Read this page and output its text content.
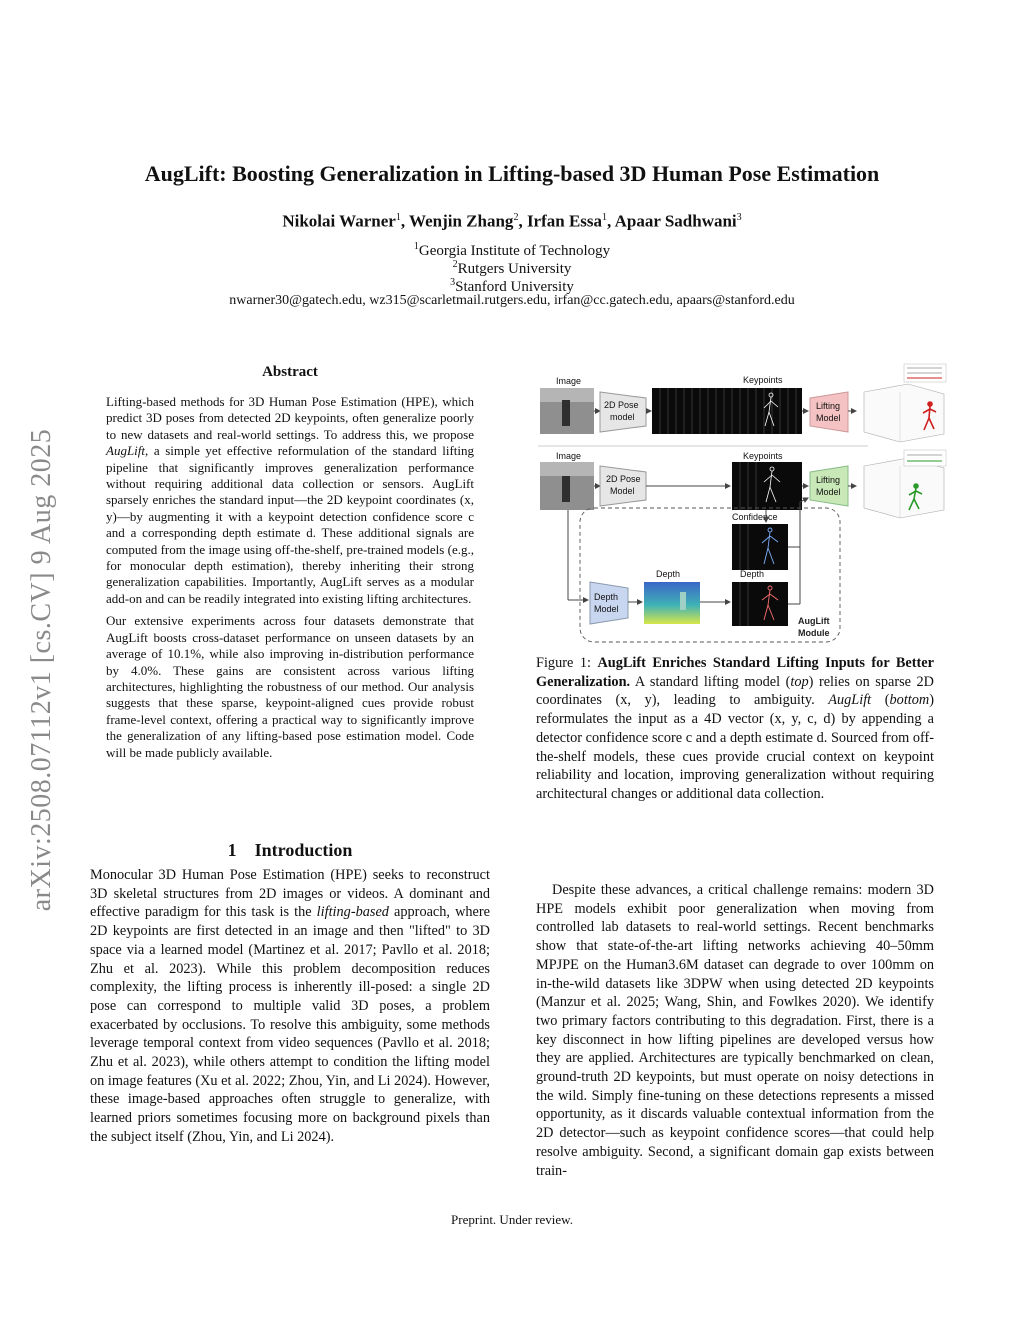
arXiv:2508.07112v1 [cs.CV] 9 Aug 2025
AugLift: Boosting Generalization in Lifting-based 3D Human Pose Estimation
Nikolai Warner$^1$, Wenjin Zhang$^2$, Irfan Essa$^1$, Apaar Sadhwani$^3$
$^1$Georgia Institute of Technology
$^2$Rutgers University
$^3$Stanford University
nwarner30@gatech.edu, wz315@scarletmail.rutgers.edu, irfan@cc.gatech.edu, apaars@stanford.edu
Abstract

Lifting-based methods for 3D Human Pose Estimation (HPE), which predict 3D poses from detected 2D keypoints, often generalize poorly to new datasets and real-world settings. To address this, we propose AugLift, a simple yet effective reformulation of the standard lifting pipeline that significantly improves generalization performance without requiring additional data collection or sensors. AugLift sparsely enriches the standard input—the 2D keypoint coordinates (x, y)—by augmenting it with a keypoint detection confidence score c and a corresponding depth estimate d. These additional signals are computed from the image using off-the-shelf, pre-trained models (e.g., for monocular depth estimation), thereby inheriting their strong generalization capabilities. Importantly, AugLift serves as a modular add-on and can be readily integrated into existing lifting architectures.

Our extensive experiments across four datasets demonstrate that AugLift boosts cross-dataset performance on unseen datasets by an average of 10.1%, while also improving in-distribution performance by 4.0%. These gains are consistent across various lifting architectures, highlighting the robustness of our method. Our analysis suggests that these sparse, keypoint-aligned cues provide robust frame-level context, offering a practical way to significantly improve the generalization of any lifting-based pose estimation model. Code will be made publicly available.

1 Introduction

Monocular 3D Human Pose Estimation (HPE) seeks to reconstruct 3D skeletal structures from 2D images or videos. A dominant and effective paradigm for this task is the lifting-based approach, where 2D keypoints are first detected in an image and then "lifted" to 3D space via a learned model (Martinez et al. 2017; Pavllo et al. 2018; Zhu et al. 2023). While this problem decomposition reduces complexity, the lifting process is inherently ill-posed: a single 2D pose can correspond to multiple valid 3D poses, a problem exacerbated by occlusions. To resolve this ambiguity, some methods leverage temporal context from video sequences (Pavllo et al. 2018; Zhu et al. 2023), while others attempt to condition the lifting model on image features (Xu et al. 2022; Zhou, Yin, and Li 2024). However, these image-based approaches often struggle to generalize, with learned priors sometimes focusing more on background pixels than the subject itself (Zhou, Yin, and Li 2024).

Image
2D Pose
model
Keypoints
Lifting
Model
Image
2D Pose
Model
Keypoints
Lifting
Model
AugLift
Module
Confidence
Depth
Model
Depth	Depth
Figure 1: AugLift Enriches Standard Lifting Inputs for Better Generalization. A standard lifting model (top) relies on sparse 2D coordinates (x, y), leading to ambiguity. AugLift (bottom) reformulates the input as a 4D vector (x, y, c, d) by appending a detector confidence score c and a depth estimate d. Sourced from off-the-shelf models, these cues provide crucial context on keypoint reliability and location, improving generalization without requiring architectural changes or additional data collection.

Despite these advances, a critical challenge remains: modern 3D HPE models exhibit poor generalization when moving from controlled lab datasets to real-world settings. Recent benchmarks show that state-of-the-art lifting networks achieving 40–50mm MPJPE on the Human3.6M dataset can degrade to over 100mm on in-the-wild datasets like 3DPW when using detected 2D keypoints (Manzur et al. 2025; Wang, Shin, and Fowlkes 2020). We identify two primary factors contributing to this degradation. First, there is a key disconnect in how lifting pipelines are developed versus how they are applied. Architectures are typically benchmarked on clean, ground-truth 2D keypoints, but must operate on noisy detections in the wild. Simply fine-tuning on these detections represents a missed opportunity, as it discards valuable contextual information from the 2D detector—such as keypoint confidence scores—that could help resolve ambiguity. Second, a significant domain gap exists between train-

Preprint. Under review.
